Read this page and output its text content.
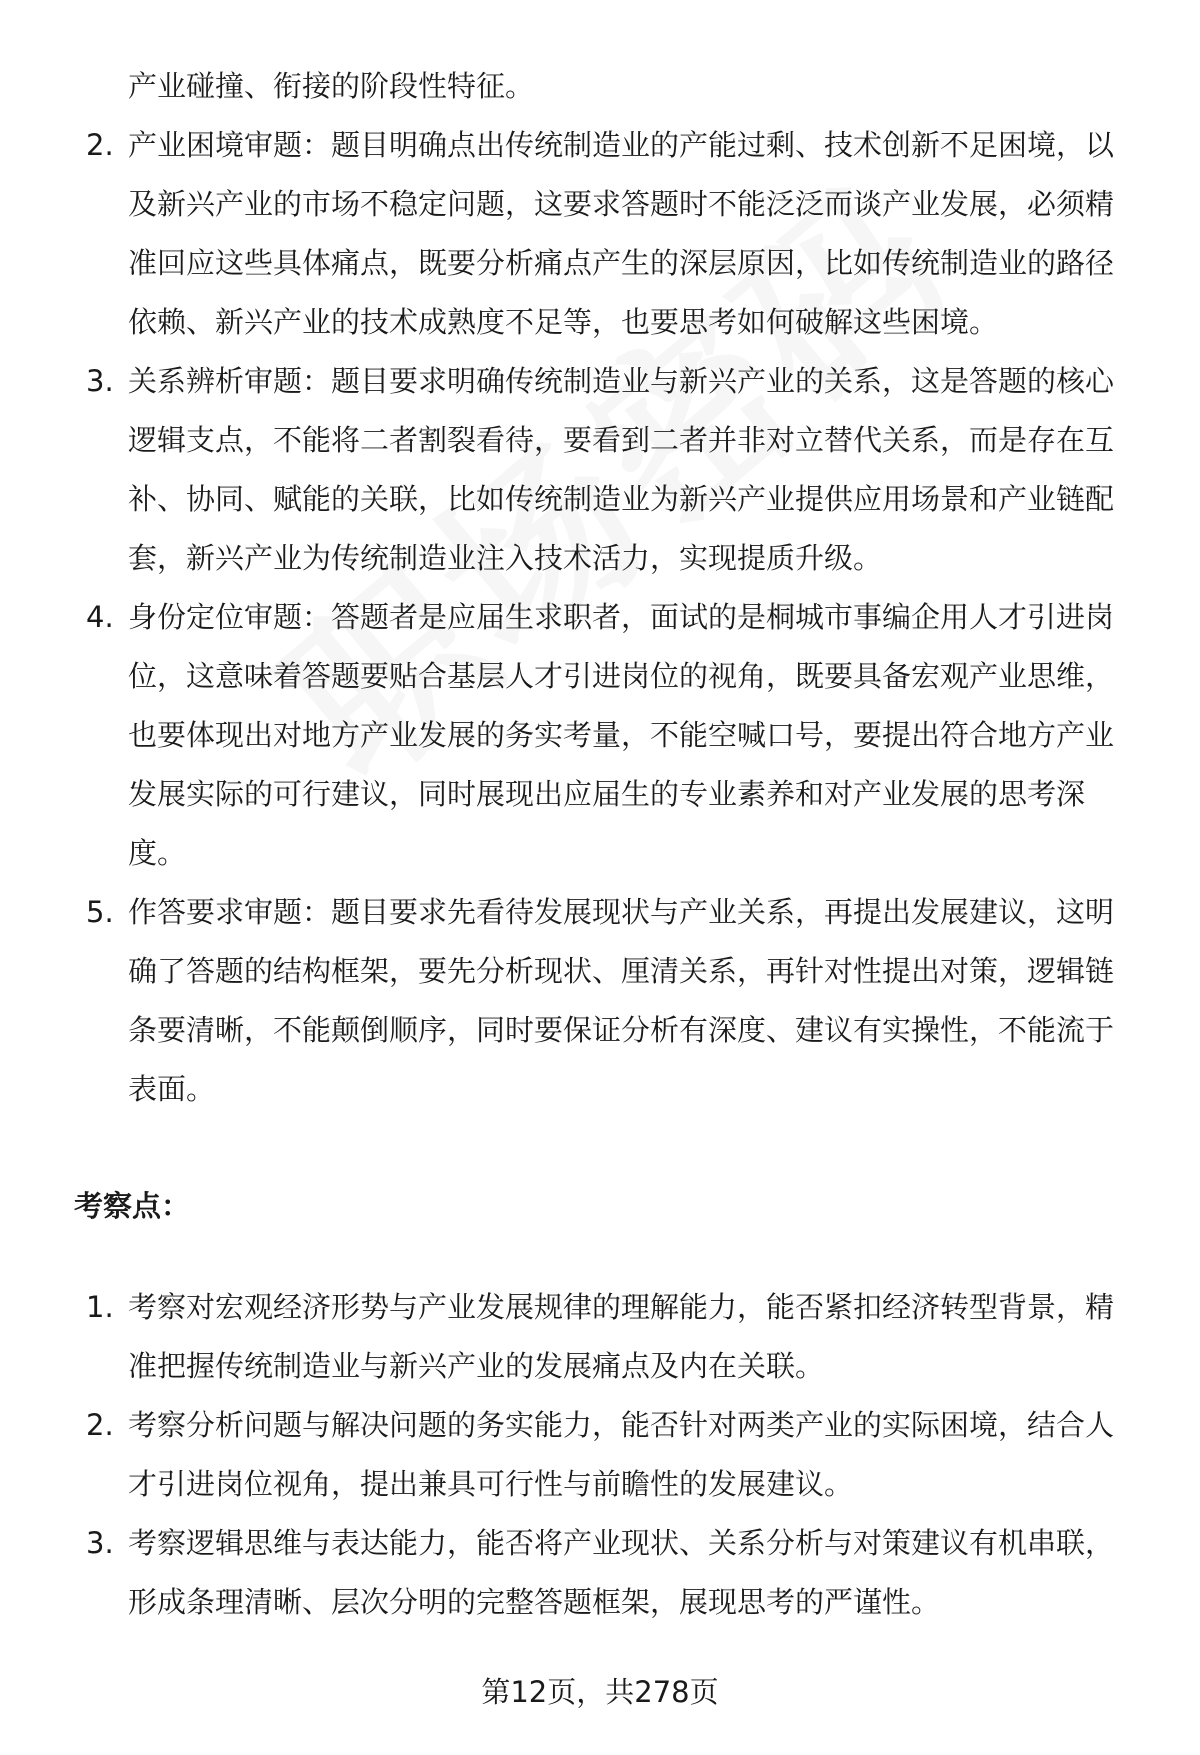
产业碰撞、衔接的阶段性特征。
2. 产业困境审题：题目明确点出传统制造业的产能过剩、技术创新不足困境，以及新兴产业的市场不稳定问题，这要求答题时不能泛泛而谈产业发展，必须精准回应这些具体痛点，既要分析痛点产生的深层原因，比如传统制造业的路径依赖、新兴产业的技术成熟度不足等，也要思考如何破解这些困境。
3. 关系辨析审题：题目要求明确传统制造业与新兴产业的关系，这是答题的核心逻辑支点，不能将二者割裂看待，要看到二者并非对立替代关系，而是存在互补、协同、赋能的关联，比如传统制造业为新兴产业提供应用场景和产业链配套，新兴产业为传统制造业注入技术活力，实现提质升级。
4. 身份定位审题：答题者是应届生求职者，面试的是桐城市事编企用人才引进岗位，这意味着答题要贴合基层人才引进岗位的视角，既要具备宏观产业思维，也要体现出对地方产业发展的务实考量，不能空喊口号，要提出符合地方产业发展实际的可行建议，同时展现出应届生的专业素养和对产业发展的思考深度。
5. 作答要求审题：题目要求先看待发展现状与产业关系，再提出发展建议，这明确了答题的结构框架，要先分析现状、厘清关系，再针对性提出对策，逻辑链条要清晰，不能颠倒顺序，同时要保证分析有深度、建议有实操性，不能流于表面。
考察点：
1. 考察对宏观经济形势与产业发展规律的理解能力，能否紧扣经济转型背景，精准把握传统制造业与新兴产业的发展痛点及内在关联。
2. 考察分析问题与解决问题的务实能力，能否针对两类产业的实际困境，结合人才引进岗位视角，提出兼具可行性与前瞻性的发展建议。
3. 考察逻辑思维与表达能力，能否将产业现状、关系分析与对策建议有机串联，形成条理清晰、层次分明的完整答题框架，展现思考的严谨性。
第12页，共278页
